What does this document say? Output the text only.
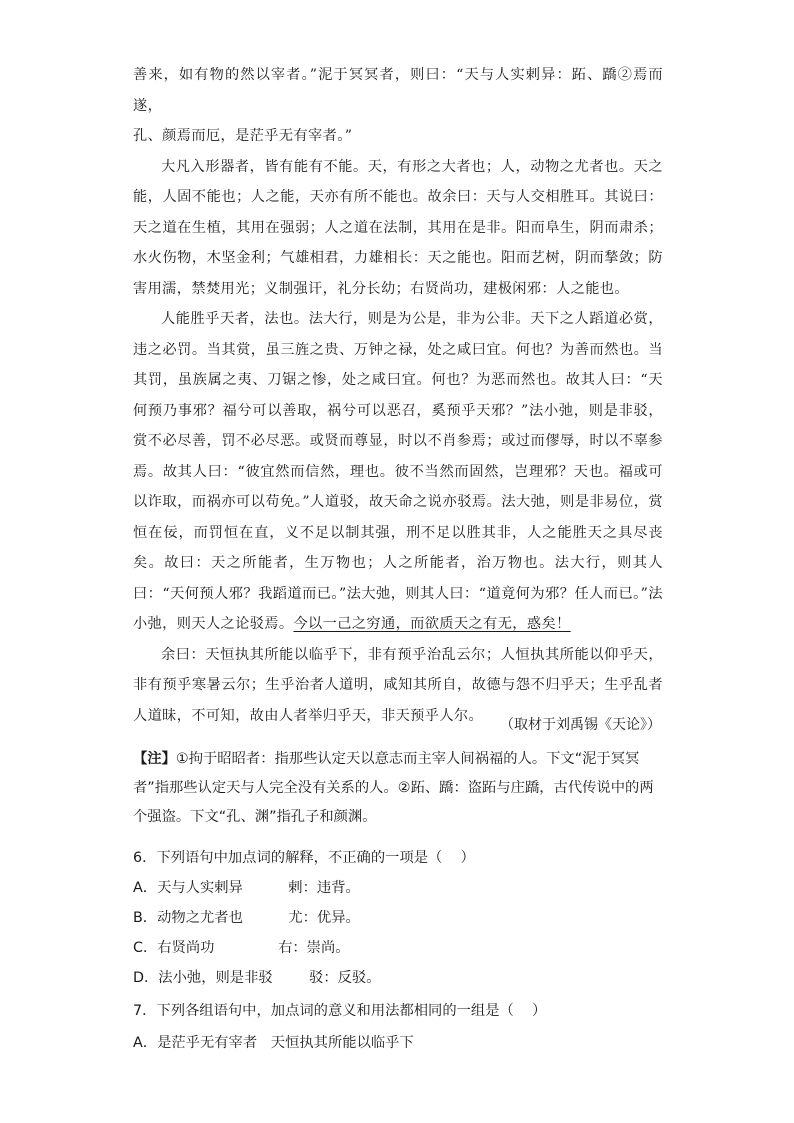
善来，如有物的然以宰者。”泥于冥冥者，则曰：“天与人实剌异：跖、蹻②焉而遂，

孔、颜焉而厄，是茫乎无有宰者。”

大凡入形器者，皆有能有不能。天，有形之大者也；人，动物之尤者也。天之能，人固不能也；人之能，天亦有所不能也。故余曰：天与人交相胜耳。其说曰：天之道在生植，其用在强弱；人之道在法制，其用在是非。阳而阜生，阴而肃杀；水火伤物，木坚金利；气雄相君，力雄相长：天之能也。阳而艺树，阴而揫敛；防害用濡，禁焚用光；义制强讦，礼分长幼；右贤尚功，建极闲邪：人之能也。

人能胜乎天者，法也。法大行，则是为公是，非为公非。天下之人蹈道必赏，违之必罚。当其赏，虽三旌之贵、万钟之禄，处之咸曰宜。何也？为善而然也。当其罚，虽族属之夷、刀锯之惨，处之咸曰宜。何也？为恶而然也。故其人曰：“天何预乃事邪？福兮可以善取，祸兮可以恶召，奚预乎天邪？”法小弛，则是非驳，赏不必尽善，罚不必尽恶。或贤而尊显，时以不肖参焉；或过而僇辱，时以不辜参焉。故其人曰：“彼宜然而信然，理也。彼不当然而固然，岂理邪？天也。福或可以诈取，而祸亦可以苟免。”人道驳，故天命之说亦驳焉。法大弛，则是非易位，赏恒在佞，而罚恒在直，义不足以制其强，刑不足以胜其非，人之能胜天之具尽丧矣。故曰：天之所能者，生万物也；人之所能者，治万物也。法大行，则其人曰：“天何预人邪？我蹈道而已。”法大弛，则其人曰：“道竟何为邪？任人而已。”法小弛，则天人之论驳焉。今以一己之穷通，而欲质天之有无，惑矣！

余曰：天恒执其所能以临乎下，非有预乎治乱云尔；人恒执其所能以仰乎天，非有预乎寒暑云尔；生乎治者人道明，咸知其所自，故德与怨不归乎天；生乎乱者人道昧，不可知，故由人者举归乎天，非天预乎人尔。

（取材于刘禹锡《天论》）
【注】①拘于昭昭者：指那些认定天以意志而主宰人间祸福的人。下文“泥于冥冥者”指那些认定天与人完全没有关系的人。②跖、蹻：盗跖与庄蹻，古代传说中的两个强盗。下文“孔、渊”指孔子和颜渊。
6．下列语句中加点词的解释，不正确的一项是（    ）
A．天与人实剌异          剌：违背。
B．动物之尤者也          尤：优异。
C．右贤尚功              右：崇尚。
D．法小弛，则是非驳        驳：反驳。
7．下列各组语句中，加点词的意义和用法都相同的一组是（    ）
A．是茫乎无有宰者   天恒执其所能以临乎下
